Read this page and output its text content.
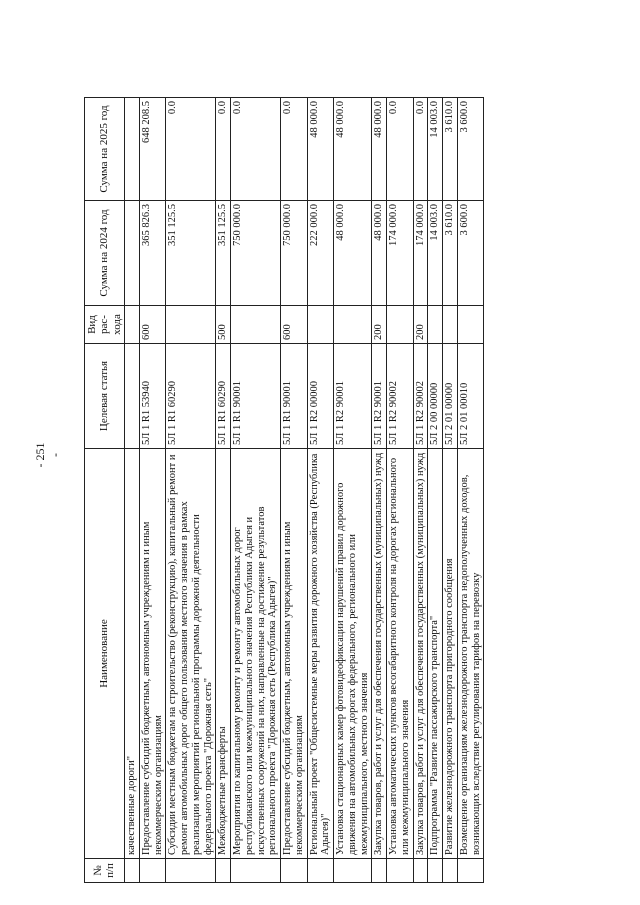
- 251 -
№ п/п	Наименование	Целевая статья	Вид рас-хода	Сумма на 2024 год	Сумма на 2025 год
	качественные дороги"				
	Предоставление субсидий бюджетным, автономным учреждениям и иным некоммерческим организациям	5Л 1 R1 53940	600	365 826.3	648 208.5
	Субсидии местным бюджетам на строительство (реконструкцию), капитальный ремонт и ремонт автомобильных дорог общего пользования местного значения в рамках реализации мероприятий региональной программы дорожной деятельности федерального проекта "Дорожная сеть"	5Л 1 R1 60290		351 125.5	0.0
	Межбюджетные трансферты	5Л 1 R1 60290	500	351 125.5	0.0
	Мероприятия по капитальному ремонту и ремонту автомобильных дорог республиканского или межмуниципального значения Республики Адыгея и искусственных сооружений на них, направленные на достижение результатов регионального проекта "Дорожная сеть (Республика Адыгея)"	5Л 1 R1 90001		750 000.0	0.0
	Предоставление субсидий бюджетным, автономным учреждениям и иным некоммерческим организациям	5Л 1 R1 90001	600	750 000.0	0.0
	Региональный проект "Общесистемные меры развития дорожного хозяйства (Республика Адыгея)"	5Л 1 R2 00000		222 000.0	48 000.0
	Установка стационарных камер фотовидеофиксации нарушений правил дорожного движения на автомобильных дорогах федерального, регионального или межмуниципального, местного значения	5Л 1 R2 90001		48 000.0	48 000.0
	Закупка товаров, работ и услуг для обеспечения государственных (муниципальных) нужд	5Л 1 R2 90001	200	48 000.0	48 000.0
	Установка автоматических пунктов весогабаритного контроля на дорогах регионального или межмуниципального значения	5Л 1 R2 90002		174 000.0	0.0
	Закупка товаров, работ и услуг для обеспечения государственных (муниципальных) нужд	5Л 1 R2 90002	200	174 000.0	0.0
	Подпрограмма "Развитие пассажирского транспорта"	5Л 2 00 00000		14 003.0	14 003.0
	Развитие железнодорожного транспорта пригородного сообщения	5Л 2 01 00000		3 610.0	3 610.0
	Возмещение организациям железнодорожного транспорта недополученных доходов, возникающих вследствие регулирования тарифов на перевозку	5Л 2 01 00010		3 600.0	3 600.0
